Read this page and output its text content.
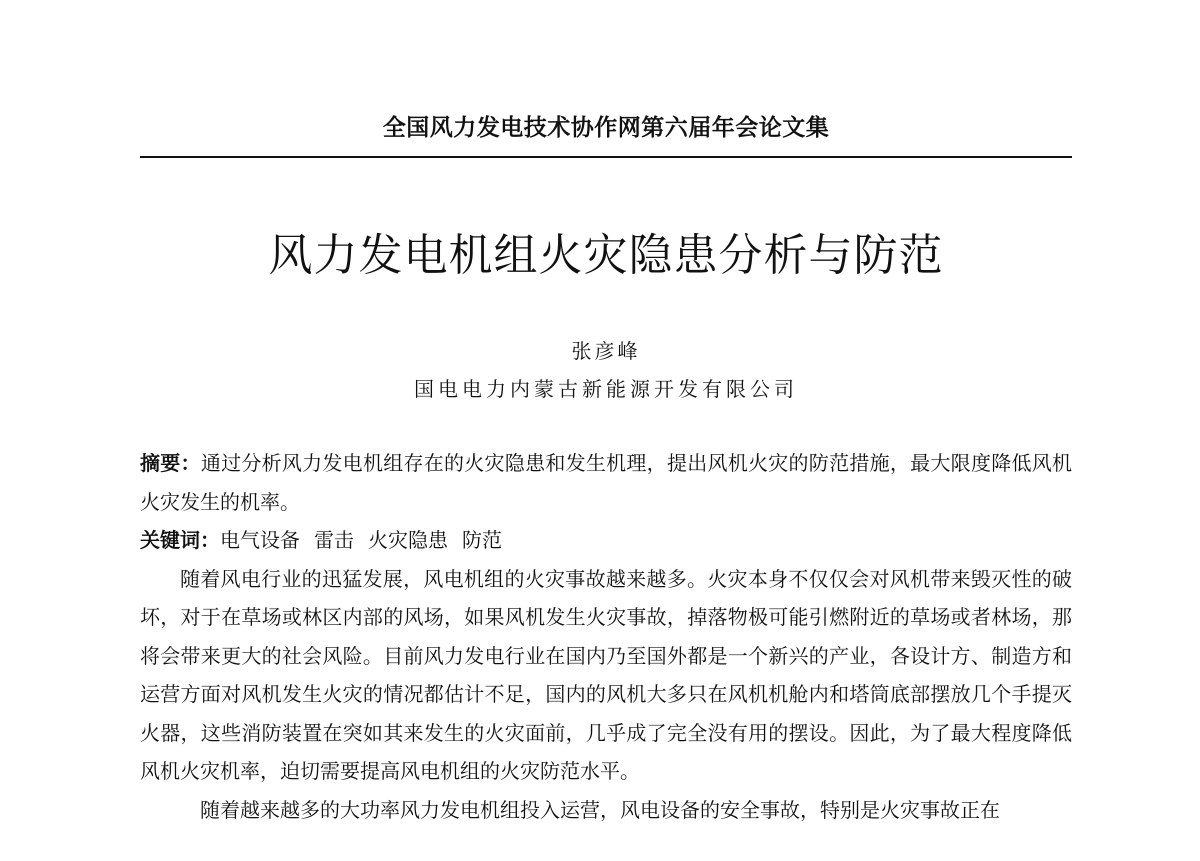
全国风力发电技术协作网第六届年会论文集
风力发电机组火灾隐患分析与防范
张彦峰
国电电力内蒙古新能源开发有限公司

摘要：通过分析风力发电机组存在的火灾隐患和发生机理，提出风机火灾的防范措施，最大限度降低风机火灾发生的机率。

关键词：电气设备 雷击 火灾隐患 防范

随着风电行业的迅猛发展，风电机组的火灾事故越来越多。火灾本身不仅仅会对风机带来毁灭性的破坏，对于在草场或林区内部的风场，如果风机发生火灾事故，掉落物极可能引燃附近的草场或者林场，那将会带来更大的社会风险。目前风力发电行业在国内乃至国外都是一个新兴的产业，各设计方、制造方和运营方面对风机发生火灾的情况都估计不足，国内的风机大多只在风机机舱内和塔筒底部摆放几个手提灭火器，这些消防装置在突如其来发生的火灾面前，几乎成了完全没有用的摆设。因此，为了最大程度降低风机火灾机率，迫切需要提高风电机组的火灾防范水平。

随着越来越多的大功率风力发电机组投入运营，风电设备的安全事故，特别是火灾事故正在
